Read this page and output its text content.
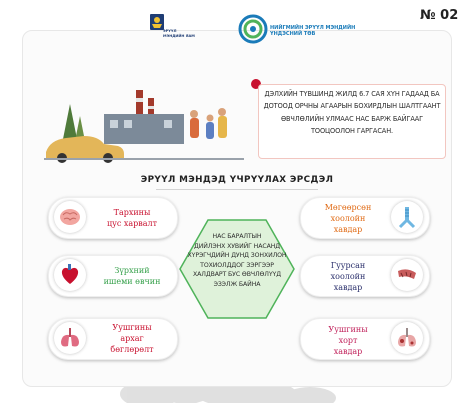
ЭРҮҮЛ
МЭНДИЙН ЯАМ
НИЙГМИЙН ЭРҮҮЛ МЭНДИЙН
ҮНДЭСНИЙ ТӨВ
№ 02
ДЭЛХИЙН ТҮВШИНД ЖИЛД 6.7 САЯ ХҮН ГАДААД БА ДОТООД ОРЧНЫ АГААРЫН БОХИРДЛЫН ШАЛТГААНТ ӨВЧЛӨЛИЙН УЛМААС НАС БАРЖ БАЙГААГ ТООЦООЛОН ГАРГАСАН.
ЭРҮҮЛ МЭНДЭД ҮЧРҮҮЛАХ ЭРСДЭЛ
НАС БАРАЛТЫН
ДИЙЛЭНХ ХУВИЙГ НАСАНД
ХҮРЭГЧДИЙН ДУНД ЗОНХИЛОН
ТОХИОЛДДОГ ЗЭРГЭЭР
ХАЛДВАРТ БУС ӨВЧЛӨЛҮҮД
ЭЗЭЛЖ БАЙНА
Тархины
цус харвалт
Зүрхний
ишеми өвчин
Уушгины
архаг
бөглөрөлт
Мөгөөрсөн
хоолойн
хавдар
Гуурсан
хоолойн
хавдар
Уушгины
хорт
хавдар
